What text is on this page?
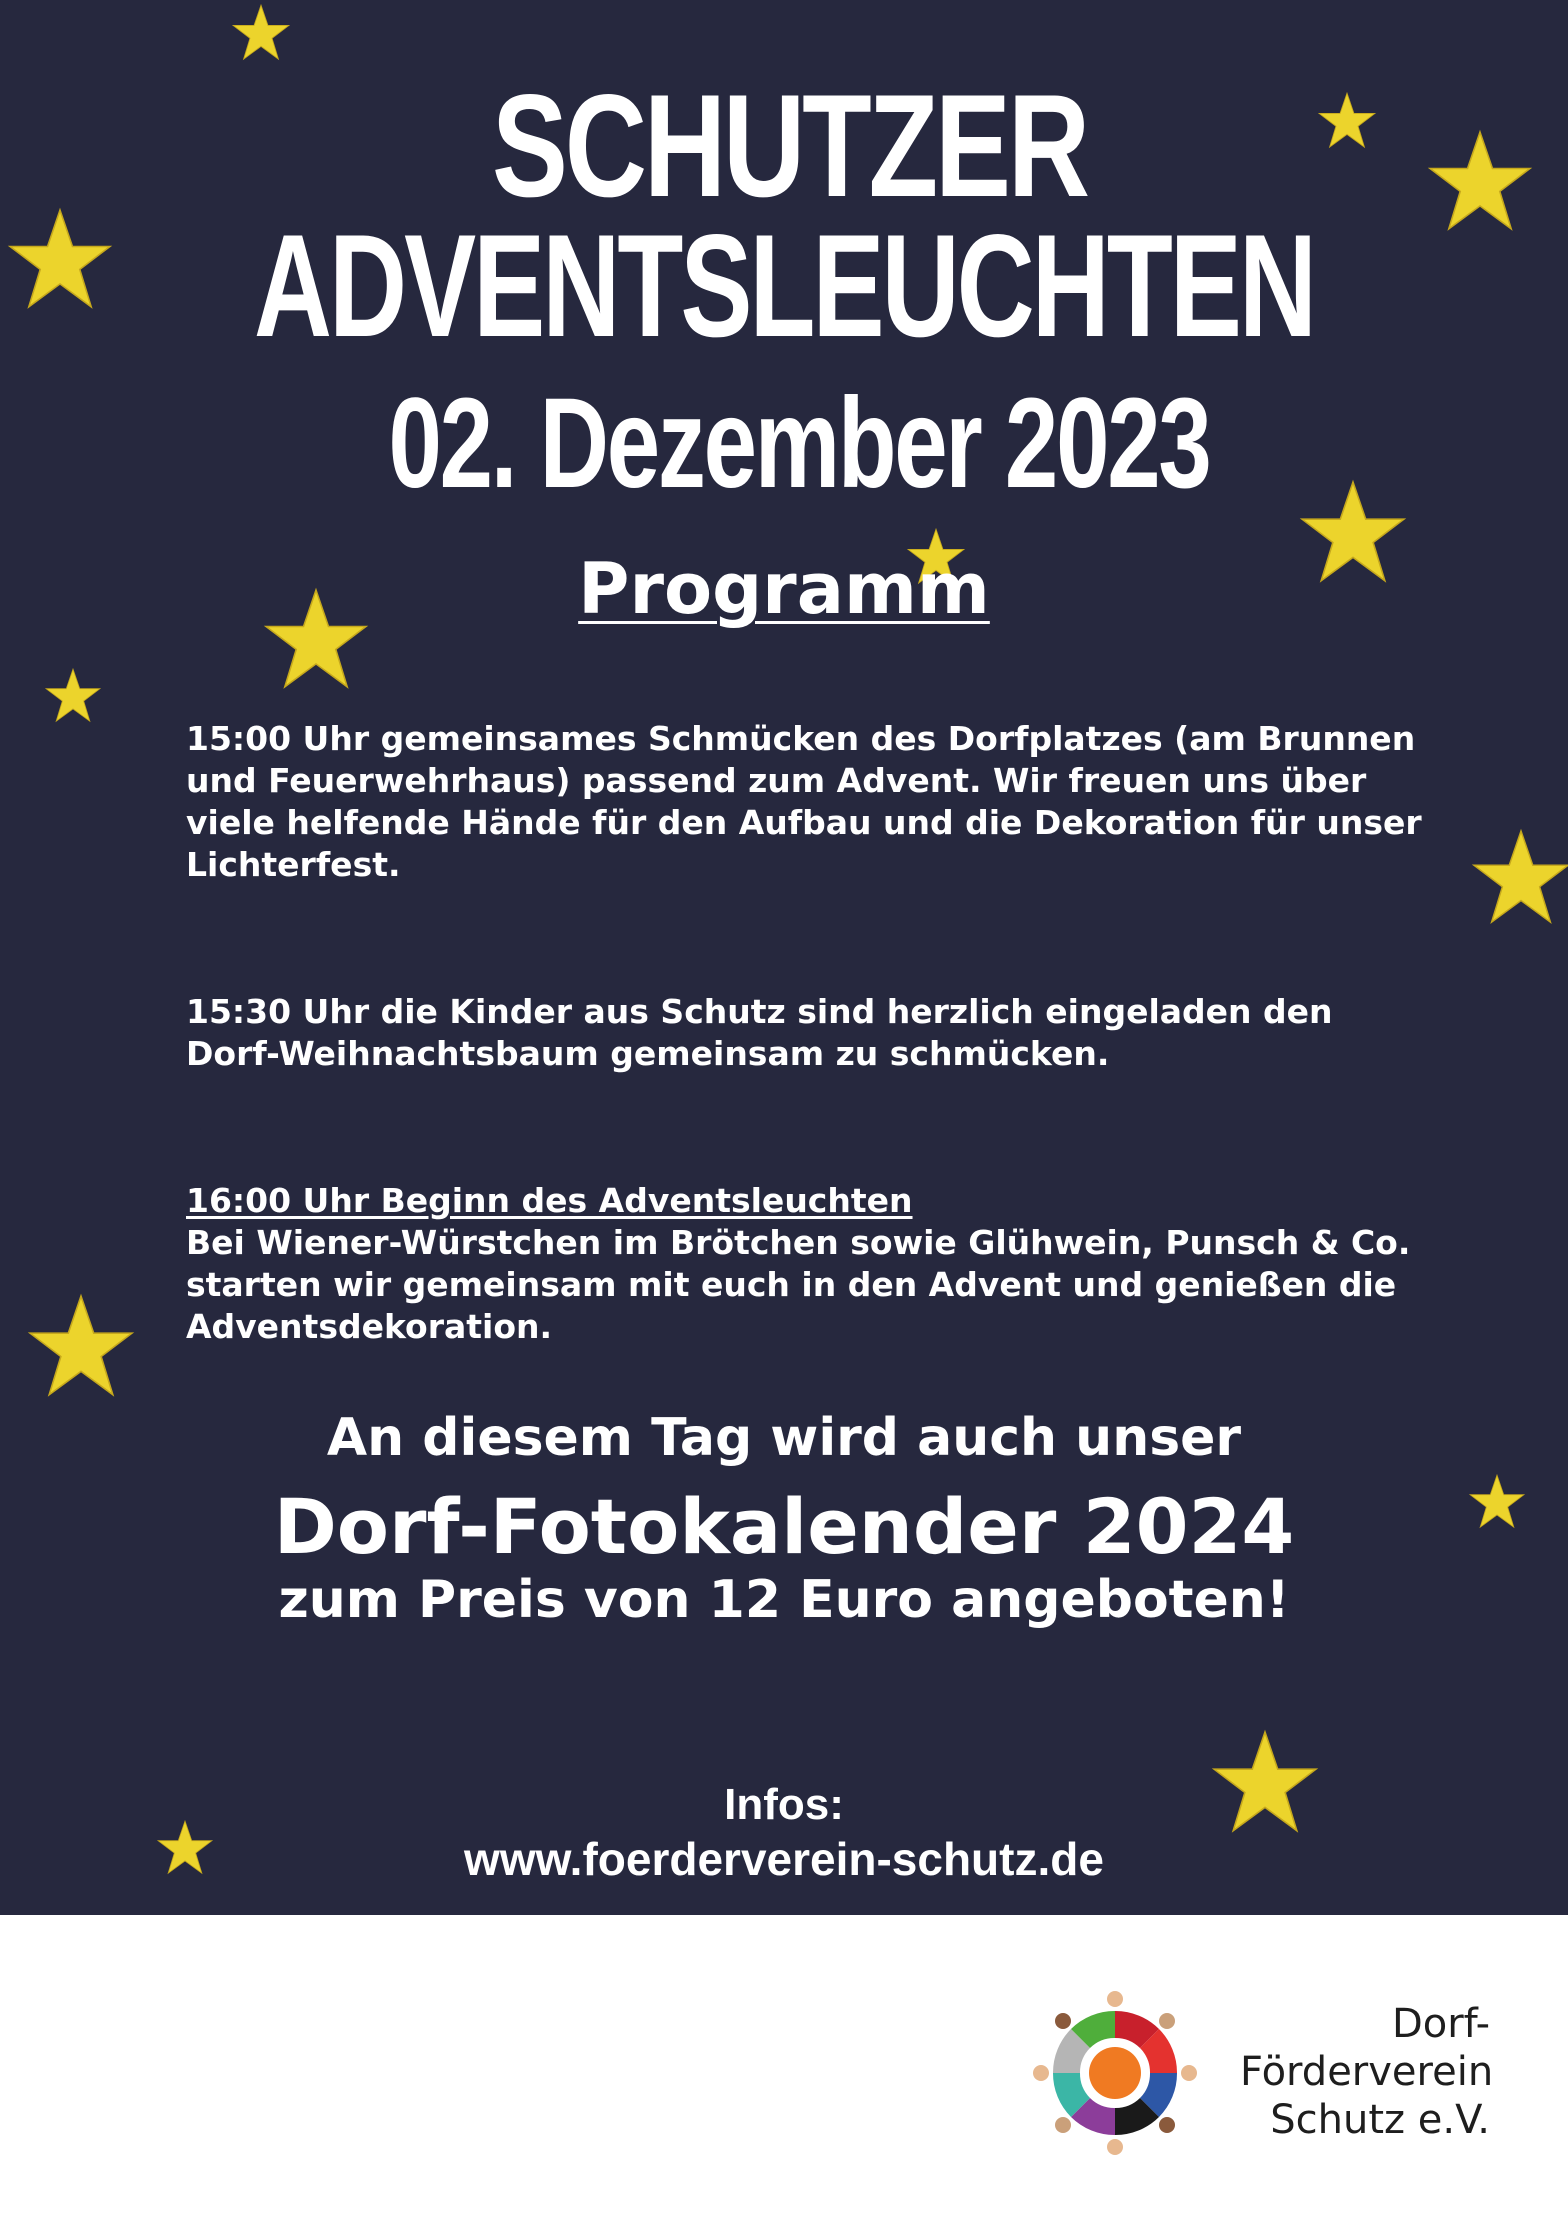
SCHUTZER
ADVENTSLEUCHTEN
02. Dezember 2023
Programm

15:00 Uhr gemeinsames Schmücken des Dorfplatzes (am Brunnen und Feuerwehrhaus) passend zum Advent. Wir freuen uns über viele helfende Hände für den Aufbau und die Dekoration für unser Lichterfest.

15:30 Uhr die Kinder aus Schutz sind herzlich eingeladen den Dorf-Weihnachtsbaum gemeinsam zu schmücken.

16:00 Uhr Beginn des Adventsleuchten
Bei Wiener-Würstchen im Brötchen sowie Glühwein, Punsch & Co. starten wir gemeinsam mit euch in den Advent und genießen die Adventsdekoration.
An diesem Tag wird auch unser
Dorf-Fotokalender 2024
zum Preis von 12 Euro angeboten!
Infos:
www.foerderverein-schutz.de
Dorf-
Förderverein
Schutz e.V.
